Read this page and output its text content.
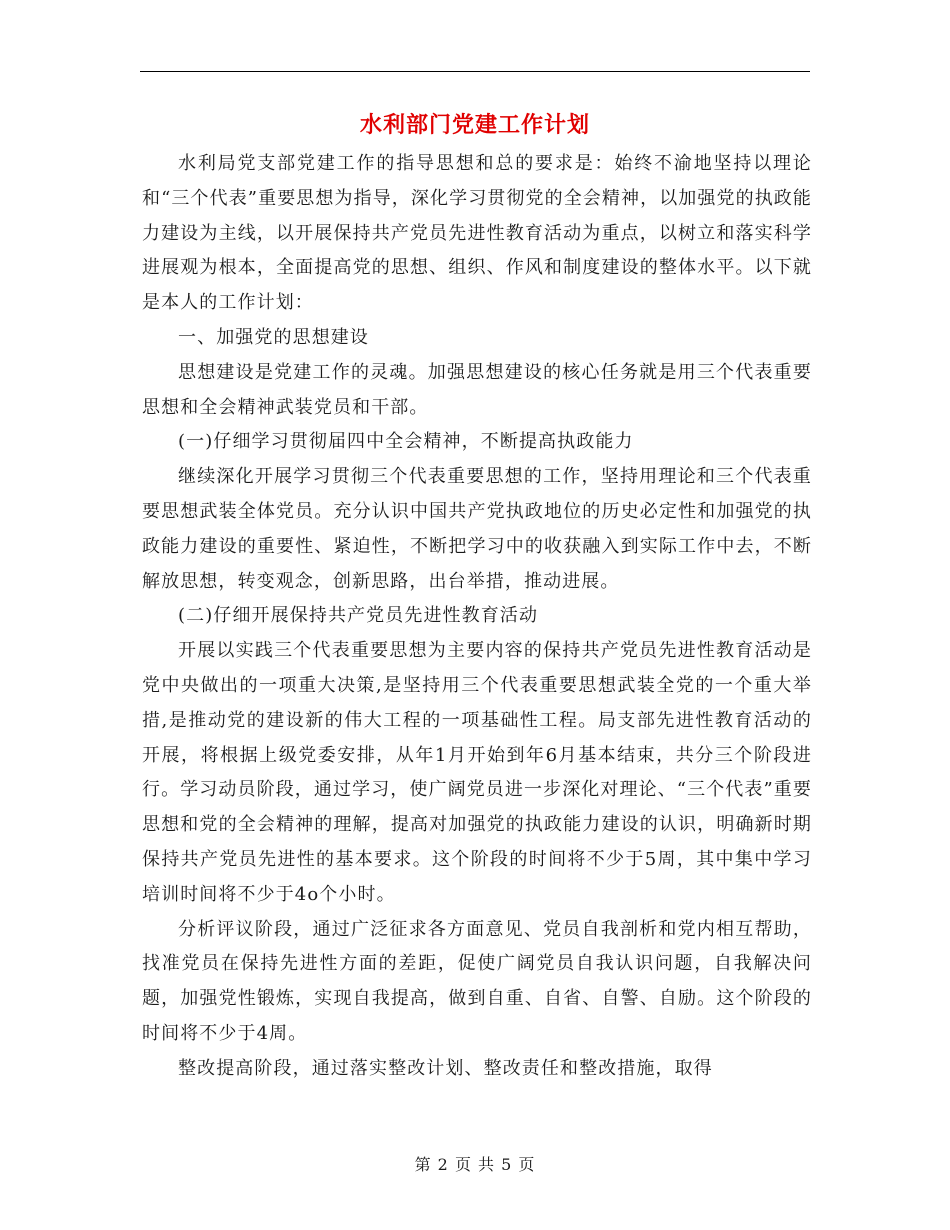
水利部门党建工作计划

水利局党支部党建工作的指导思想和总的要求是：始终不渝地坚持以理论和“三个代表”重要思想为指导，深化学习贯彻党的全会精神，以加强党的执政能力建设为主线，以开展保持共产党员先进性教育活动为重点，以树立和落实科学进展观为根本，全面提高党的思想、组织、作风和制度建设的整体水平。以下就是本人的工作计划：

一、加强党的思想建设

思想建设是党建工作的灵魂。加强思想建设的核心任务就是用三个代表重要思想和全会精神武装党员和干部。

(一)仔细学习贯彻届四中全会精神，不断提高执政能力

继续深化开展学习贯彻三个代表重要思想的工作，坚持用理论和三个代表重要思想武装全体党员。充分认识中国共产党执政地位的历史必定性和加强党的执政能力建设的重要性、紧迫性，不断把学习中的收获融入到实际工作中去，不断解放思想，转变观念，创新思路，出台举措，推动进展。

(二)仔细开展保持共产党员先进性教育活动

开展以实践三个代表重要思想为主要内容的保持共产党员先进性教育活动是党中央做出的一项重大决策,是坚持用三个代表重要思想武装全党的一个重大举措,是推动党的建设新的伟大工程的一项基础性工程。局支部先进性教育活动的开展，将根据上级党委安排，从年1月开始到年6月基本结束，共分三个阶段进行。学习动员阶段，通过学习，使广阔党员进一步深化对理论、“三个代表”重要思想和党的全会精神的理解，提高对加强党的执政能力建设的认识，明确新时期保持共产党员先进性的基本要求。这个阶段的时间将不少于5周，其中集中学习培训时间将不少于4o个小时。

分析评议阶段，通过广泛征求各方面意见、党员自我剖析和党内相互帮助，找准党员在保持先进性方面的差距，促使广阔党员自我认识问题，自我解决问题，加强党性锻炼，实现自我提高，做到自重、自省、自警、自励。这个阶段的时间将不少于4周。

整改提高阶段，通过落实整改计划、整改责任和整改措施，取得

第 2 页 共 5 页
